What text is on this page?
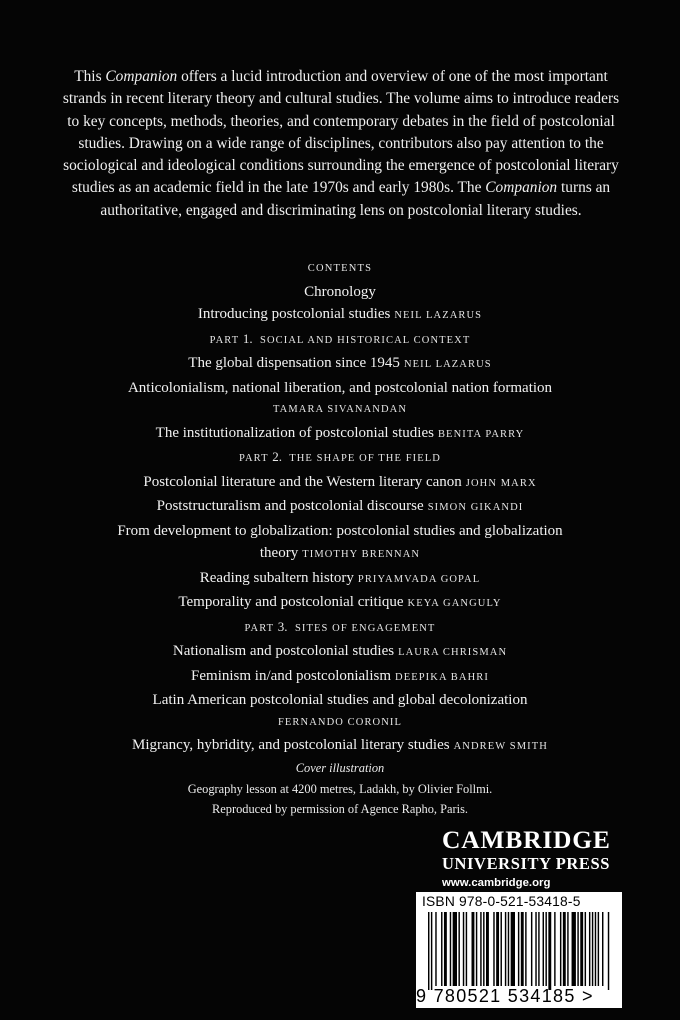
This Companion offers a lucid introduction and overview of one of the most important strands in recent literary theory and cultural studies. The volume aims to introduce readers to key concepts, methods, theories, and contemporary debates in the field of postcolonial studies. Drawing on a wide range of disciplines, contributors also pay attention to the sociological and ideological conditions surrounding the emergence of postcolonial literary studies as an academic field in the late 1970s and early 1980s. The Companion turns an authoritative, engaged and discriminating lens on postcolonial literary studies.
CONTENTS
Chronology
Introducing postcolonial studies NEIL LAZARUS
PART 1. SOCIAL AND HISTORICAL CONTEXT
The global dispensation since 1945 NEIL LAZARUS
Anticolonialism, national liberation, and postcolonial nation formation
TAMARA SIVANANDAN
The institutionalization of postcolonial studies BENITA PARRY
PART 2. THE SHAPE OF THE FIELD
Postcolonial literature and the Western literary canon JOHN MARX
Poststructuralism and postcolonial discourse SIMON GIKANDI
From development to globalization: postcolonial studies and globalization
theory TIMOTHY BRENNAN
Reading subaltern history PRIYAMVADA GOPAL
Temporality and postcolonial critique KEYA GANGULY
PART 3. SITES OF ENGAGEMENT
Nationalism and postcolonial studies LAURA CHRISMAN
Feminism in/and postcolonialism DEEPIKA BAHRI
Latin American postcolonial studies and global decolonization
FERNANDO CORONIL
Migrancy, hybridity, and postcolonial literary studies ANDREW SMITH
Cover illustration
Geography lesson at 4200 metres, Ladakh, by Olivier Follmi.
Reproduced by permission of Agence Rapho, Paris.
CAMBRIDGE
UNIVERSITY PRESS
www.cambridge.org
ISBN 978-0-521-53418-5
9 780521 534185 >
